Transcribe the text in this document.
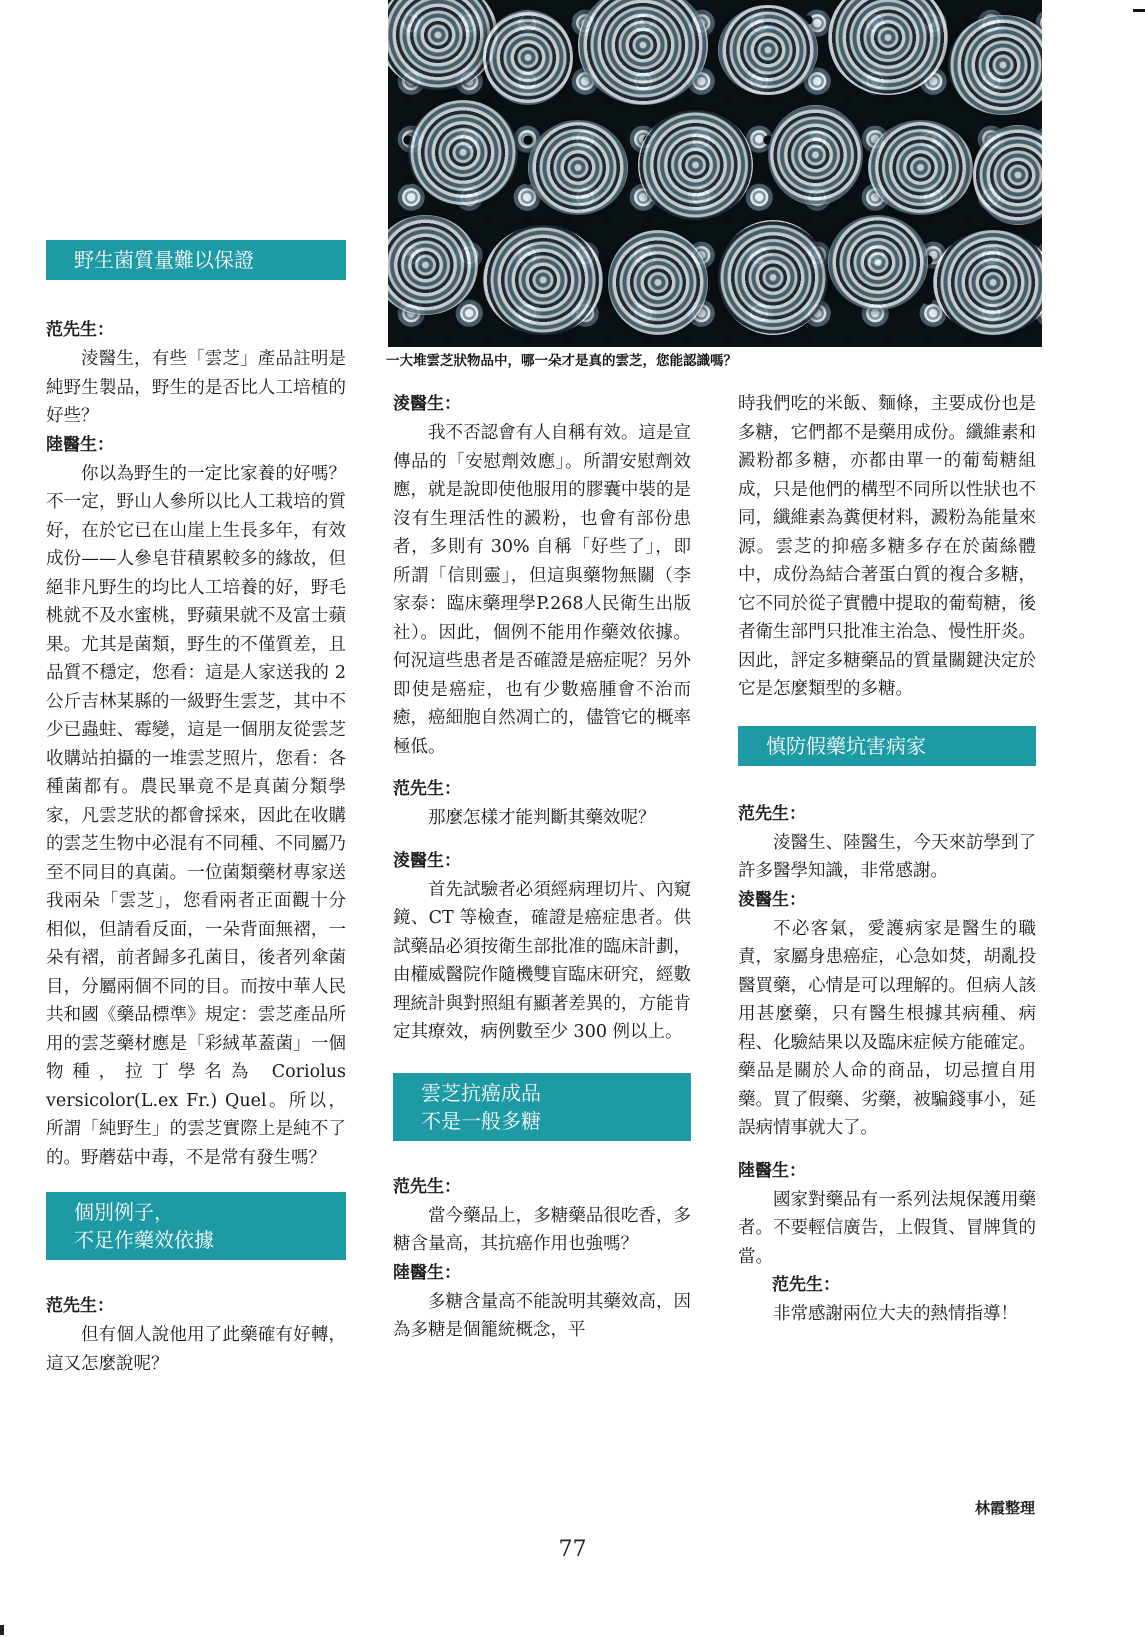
一大堆雲芝狀物品中，哪一朵才是真的雲芝，您能認識嗎？
野生菌質量難以保證
范先生：

淩醫生，有些「雲芝」產品註明是純野生製品，野生的是否比人工培植的好些？

陸醫生：

你以為野生的一定比家養的好嗎？不一定，野山人參所以比人工栽培的質好，在於它已在山崖上生長多年，有效成份——人參皂苷積累較多的緣故，但絕非凡野生的均比人工培養的好，野毛桃就不及水蜜桃，野蘋果就不及富士蘋果。尤其是菌類，野生的不僅質差，且品質不穩定，您看：這是人家送我的 2 公斤吉林某縣的一級野生雲芝，其中不少已蟲蛀、霉變，這是一個朋友從雲芝收購站拍攝的一堆雲芝照片，您看：各種菌都有。農民畢竟不是真菌分類學家，凡雲芝狀的都會採來，因此在收購的雲芝生物中必混有不同種、不同屬乃至不同目的真菌。一位菌類藥材專家送我兩朵「雲芝」，您看兩者正面觀十分相似，但請看反面，一朵背面無褶，一朵有褶，前者歸多孔菌目，後者列傘菌目，分屬兩個不同的目。而按中華人民共和國《藥品標準》規定：雲芝產品所用的雲芝藥材應是「彩絨革蓋菌」一個物種，拉丁學名為 Coriolus versicolor(L.ex Fr.) Quel。所以，所謂「純野生」的雲芝實際上是純不了的。野蘑菇中毒，不是常有發生嗎？

個別例子，
不足作藥效依據
范先生：

但有個人說他用了此藥確有好轉，這又怎麼說呢？

淩醫生：

我不否認會有人自稱有效。這是宣傳品的「安慰劑效應」。所謂安慰劑效應，就是說即使他服用的膠囊中裝的是沒有生理活性的澱粉，也會有部份患者，多則有 30% 自稱「好些了」，即所謂「信則靈」，但這與藥物無關（李家泰：臨床藥理學P.268人民衛生出版社）。因此，個例不能用作藥效依據。何況這些患者是否確證是癌症呢？另外即使是癌症，也有少數癌腫會不治而癒，癌細胞自然凋亡的，儘管它的概率極低。

范先生：

那麼怎樣才能判斷其藥效呢？

淩醫生：

首先試驗者必須經病理切片、內窺鏡、CT 等檢查，確證是癌症患者。供試藥品必須按衛生部批准的臨床計劃，由權威醫院作隨機雙盲臨床研究，經數理統計與對照組有顯著差異的，方能肯定其療效，病例數至少 300 例以上。

雲芝抗癌成品
不是一般多糖
范先生：

當今藥品上，多糖藥品很吃香，多糖含量高，其抗癌作用也強嗎？

陸醫生：

多糖含量高不能說明其藥效高，因為多糖是個籠統概念，平

時我們吃的米飯、麵條，主要成份也是多糖，它們都不是藥用成份。纖維素和澱粉都多糖，亦都由單一的葡萄糖組成，只是他們的構型不同所以性狀也不同，纖維素為糞便材料，澱粉為能量來源。雲芝的抑癌多糖多存在於菌絲體中，成份為結合著蛋白質的複合多糖，它不同於從子實體中提取的葡萄糖，後者衛生部門只批准主治急、慢性肝炎。因此，評定多糖藥品的質量關鍵決定於它是怎麼類型的多糖。

慎防假藥坑害病家
范先生：

淩醫生、陸醫生，今天來訪學到了許多醫學知識，非常感謝。

淩醫生：

不必客氣，愛護病家是醫生的職責，家屬身患癌症，心急如焚，胡亂投醫買藥，心情是可以理解的。但病人該用甚麼藥，只有醫生根據其病種、病程、化驗結果以及臨床症候方能確定。藥品是關於人命的商品，切忌擅自用藥。買了假藥、劣藥，被騙錢事小，延誤病情事就大了。

陸醫生：

國家對藥品有一系列法規保護用藥者。不要輕信廣告，上假貨、冒牌貨的當。

范先生：

非常感謝兩位大夫的熱情指導！

林霞整理
77
